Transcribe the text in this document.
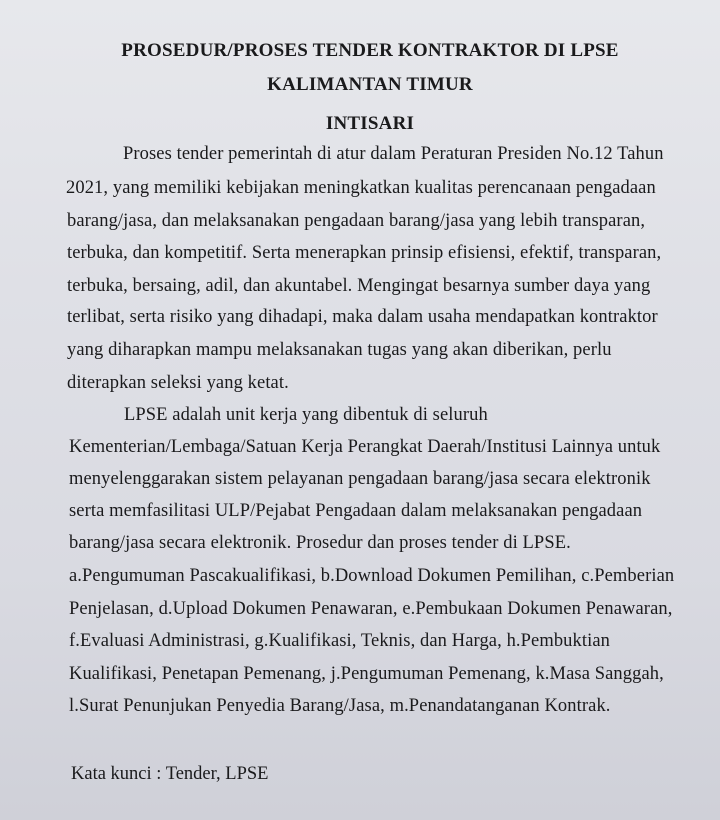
PROSEDUR/PROSES TENDER KONTRAKTOR DI LPSE
KALIMANTAN TIMUR
INTISARI
Proses tender pemerintah di atur dalam Peraturan Presiden No.12 Tahun
2021, yang memiliki kebijakan meningkatkan kualitas perencanaan pengadaan
barang/jasa, dan melaksanakan pengadaan barang/jasa yang lebih transparan,
terbuka, dan kompetitif. Serta menerapkan prinsip efisiensi, efektif, transparan,
terbuka, bersaing, adil, dan akuntabel. Mengingat besarnya sumber daya yang
terlibat, serta risiko yang dihadapi, maka dalam usaha mendapatkan kontraktor
yang diharapkan mampu melaksanakan tugas yang akan diberikan, perlu
diterapkan seleksi yang ketat.
LPSE adalah unit kerja yang dibentuk di seluruh
Kementerian/Lembaga/Satuan Kerja Perangkat Daerah/Institusi Lainnya untuk
menyelenggarakan sistem pelayanan pengadaan barang/jasa secara elektronik
serta memfasilitasi ULP/Pejabat Pengadaan dalam melaksanakan pengadaan
barang/jasa secara elektronik. Prosedur dan proses tender di LPSE.
a.Pengumuman Pascakualifikasi, b.Download Dokumen Pemilihan, c.Pemberian
Penjelasan, d.Upload Dokumen Penawaran, e.Pembukaan Dokumen Penawaran,
f.Evaluasi Administrasi, g.Kualifikasi, Teknis, dan Harga, h.Pembuktian
Kualifikasi, Penetapan Pemenang, j.Pengumuman Pemenang, k.Masa Sanggah,
l.Surat Penunjukan Penyedia Barang/Jasa, m.Penandatanganan Kontrak.
Kata kunci : Tender, LPSE
